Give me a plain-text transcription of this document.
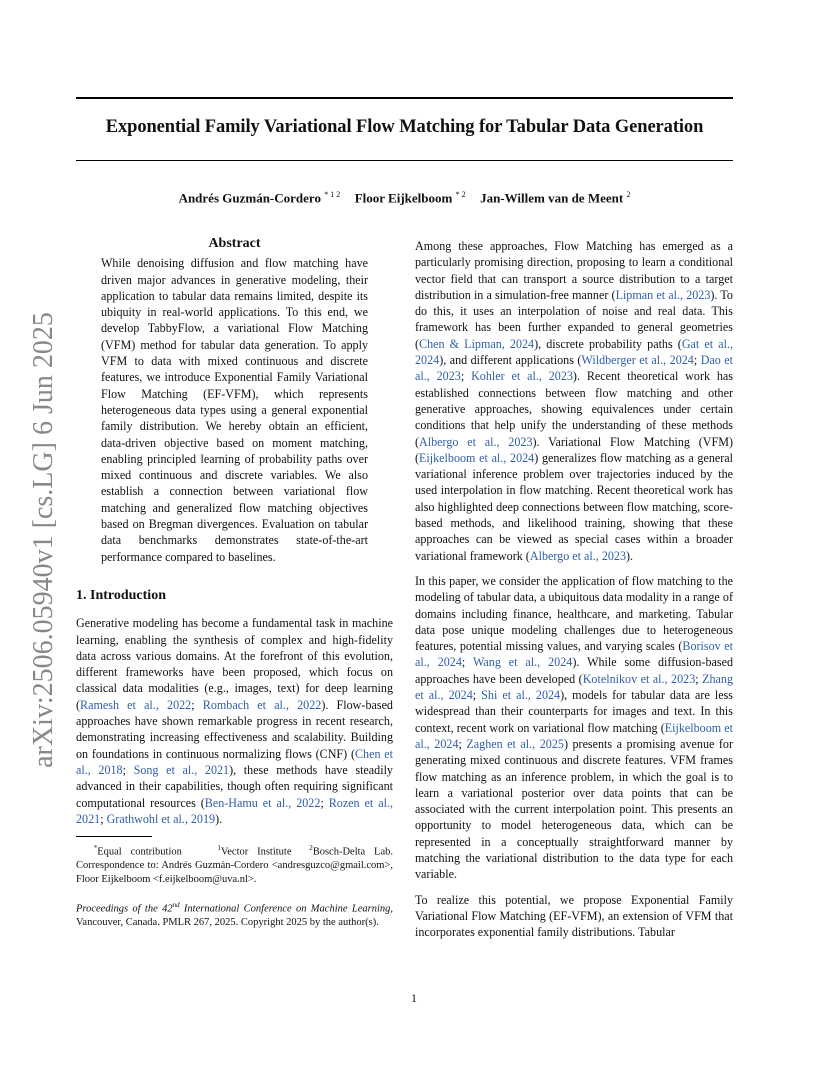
arXiv:2506.05940v1 [cs.LG] 6 Jun 2025
Exponential Family Variational Flow Matching for Tabular Data Generation
Andrés Guzmán-Cordero $^{* 1 2}$ Floor Eijkelboom $^{* 2}$ Jan-Willem van de Meent $^2$
Abstract
While denoising diffusion and flow matching have driven major advances in generative modeling, their application to tabular data remains limited, despite its ubiquity in real-world applications. To this end, we develop TabbyFlow, a variational Flow Matching (VFM) method for tabular data generation. To apply VFM to data with mixed continuous and discrete features, we introduce Exponential Family Variational Flow Matching (EF-VFM), which represents heterogeneous data types using a general exponential family distribution. We hereby obtain an efficient, data-driven objective based on moment matching, enabling principled learning of probability paths over mixed continuous and discrete variables. We also establish a connection between variational flow matching and generalized flow matching objectives based on Bregman divergences. Evaluation on tabular data benchmarks demonstrates state-of-the-art performance compared to baselines.
1. Introduction
Generative modeling has become a fundamental task in machine learning, enabling the synthesis of complex and high-fidelity data across various domains. At the forefront of this evolution, different frameworks have been proposed, which focus on classical data modalities (e.g., images, text) for deep learning (Ramesh et al., 2022; Rombach et al., 2022). Flow-based approaches have shown remarkable progress in recent research, demonstrating increasing effectiveness and scalability. Building on foundations in continuous normalizing flows (CNF) (Chen et al., 2018; Song et al., 2021), these methods have steadily advanced in their capabilities, though often requiring significant computational resources (Ben-Hamu et al., 2022; Rozen et al., 2021; Grathwohl et al., 2019).
*Equal contribution	$^1$Vector Institute	$^2$Bosch-Delta Lab. Correspondence to: Andrés Guzmán-Cordero <andresguzco@gmail.com>, Floor Eijkelboom <f.eijkelboom@uva.nl>.
Proceedings of the 42nd International Conference on Machine Learning, Vancouver, Canada. PMLR 267, 2025. Copyright 2025 by the author(s).
Among these approaches, Flow Matching has emerged as a particularly promising direction, proposing to learn a conditional vector field that can transport a source distribution to a target distribution in a simulation-free manner (Lipman et al., 2023). To do this, it uses an interpolation of noise and real data. This framework has been further expanded to general geometries (Chen & Lipman, 2024), discrete probability paths (Gat et al., 2024), and different applications (Wildberger et al., 2024; Dao et al., 2023; Kohler et al., 2023). Recent theoretical work has established connections between flow matching and other generative approaches, showing equivalences under certain conditions that help unify the understanding of these methods (Albergo et al., 2023). Variational Flow Matching (VFM) (Eijkelboom et al., 2024) generalizes flow matching as a general variational inference problem over trajectories induced by the used interpolation in flow matching. Recent theoretical work has also highlighted deep connections between flow matching, score-based methods, and likelihood training, showing that these approaches can be viewed as special cases within a broader variational framework (Albergo et al., 2023).
In this paper, we consider the application of flow matching to the modeling of tabular data, a ubiquitous data modality in a range of domains including finance, healthcare, and marketing. Tabular data pose unique modeling challenges due to heterogeneous features, potential missing values, and varying scales (Borisov et al., 2024; Wang et al., 2024). While some diffusion-based approaches have been developed (Kotelnikov et al., 2023; Zhang et al., 2024; Shi et al., 2024), models for tabular data are less widespread than their counterparts for images and text. In this context, recent work on variational flow matching (Eijkelboom et al., 2024; Zaghen et al., 2025) presents a promising avenue for generating mixed continuous and discrete features. VFM frames flow matching as an inference problem, in which the goal is to learn a variational posterior over data points that can be associated with the current interpolation point. This presents an opportunity to model heterogeneous data, which can be represented in a conceptually straightforward manner by matching the variational distribution to the data type for each variable.
To realize this potential, we propose Exponential Family Variational Flow Matching (EF-VFM), an extension of VFM that incorporates exponential family distributions. Tabular
1
